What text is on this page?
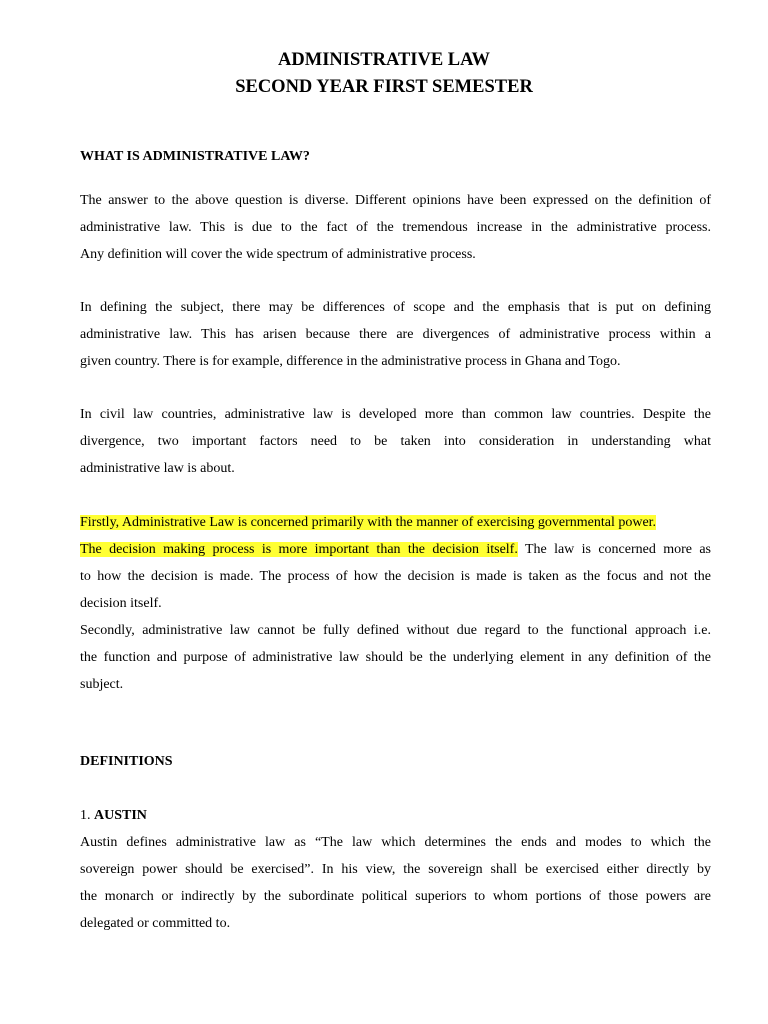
ADMINISTRATIVE LAW
SECOND YEAR FIRST SEMESTER
WHAT IS ADMINISTRATIVE LAW?
The answer to the above question is diverse. Different opinions have been expressed on the definition of
administrative law. This is due to the fact of the tremendous increase in the administrative process.
Any definition will cover the wide spectrum of administrative process.
In defining the subject, there may be differences of scope and the emphasis that is put on defining
administrative law. This has arisen because there are divergences of administrative process within a
given country. There is for example, difference in the administrative process in Ghana and Togo.
In civil law countries, administrative law is developed more than common law countries. Despite the
divergence, two important factors need to be taken into consideration in understanding what
administrative law is about.
Firstly, Administrative Law is concerned primarily with the manner of exercising governmental power.
The decision making process is more important than the decision itself. The law is concerned more as
to how the decision is made. The process of how the decision is made is taken as the focus and not the
decision itself.
Secondly, administrative law cannot be fully defined without due regard to the functional approach i.e.
the function and purpose of administrative law should be the underlying element in any definition of the
subject.
DEFINITIONS
1. AUSTIN
Austin defines administrative law as “The law which determines the ends and modes to which the
sovereign power should be exercised”. In his view, the sovereign shall be exercised either directly by
the monarch or indirectly by the subordinate political superiors to whom portions of those powers are
delegated or committed to.
